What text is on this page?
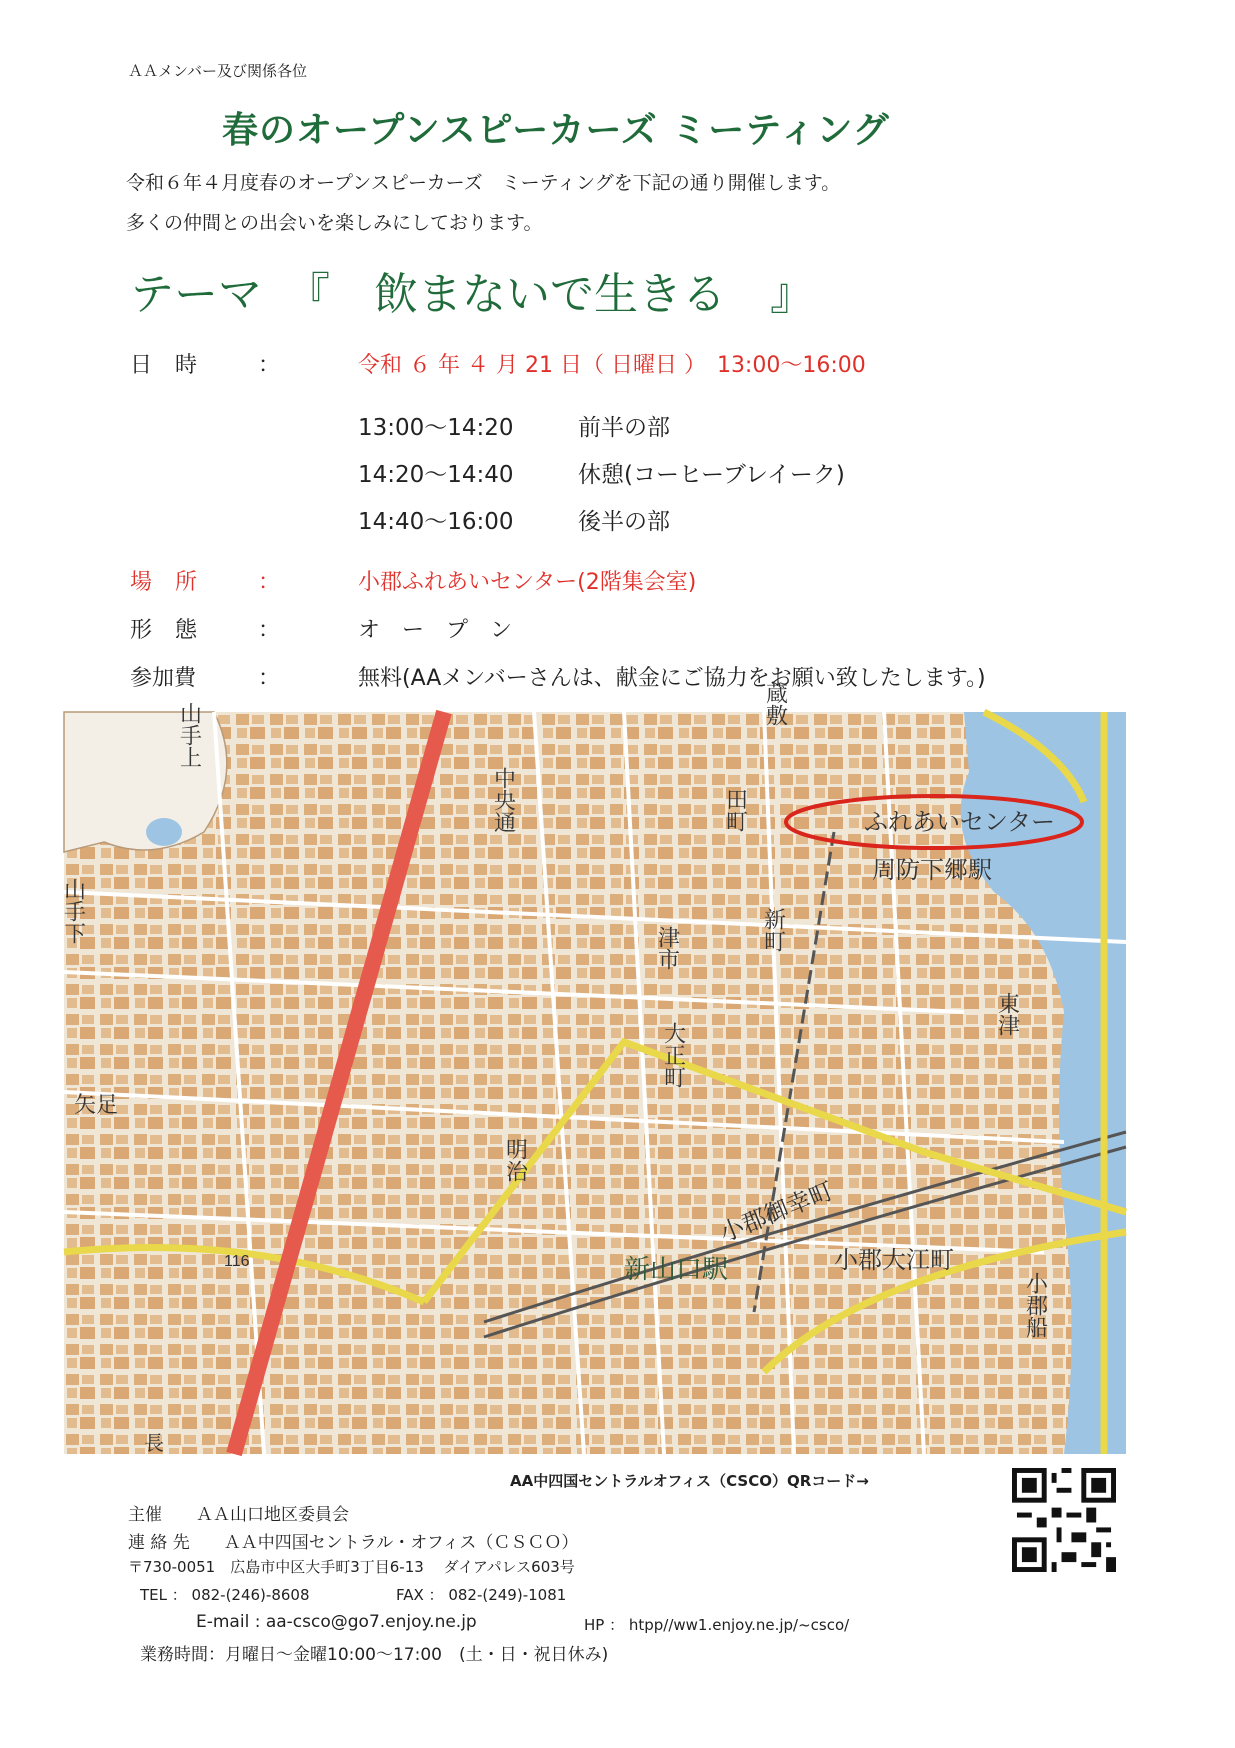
ＡＡメンバー及び関係各位
春のオープンスピーカーズ ミーティング
令和６年４月度春のオープンスピーカーズ　ミーティングを下記の通り開催します。
多くの仲間との出会いを楽しみにしております。
テーマ 『　飲まないで生きる　』
日 時 ：	令和 ６ 年 ４ 月 21 日（ 日曜日 ）　13:00～16:00
13:00～14:20	前半の部
14:20～14:40	休憩(コーヒーブレイーク)
14:40～16:00	後半の部
場 所 ：	小郡ふれあいセンター(2階集会室)
形 態 ：	オ　ー　プ　ン
参加費	：	無料(AAメンバーさんは、献金にご協力をお願い致したします。)
ふれあいセンター
周防下郷駅
新山口駅
小郡御幸町
小郡大江町
小郡船
中央通	田町
蔵敷
津市	新町
東津
大正町
明治
山手上
山手下
矢足
長
116
AA中四国セントラルオフィス（CSCO）QRコード→
主催　　ＡＡ山口地区委員会
連 絡 先　　ＡＡ中四国セントラル・オフィス（ＣＳＣＯ）
〒730-0051　広島市中区大手町3丁目6-13　 ダイアパレス603号
TEL ： 082-(246)-8608	FAX ： 082-(249)-1081
E-mail : aa-csco@go7.enjoy.ne.jp	HP ： htpp//ww1.enjoy.ne.jp/~csco/
業務時間：月曜日～金曜10:00～17:00　(土・日・祝日休み)
